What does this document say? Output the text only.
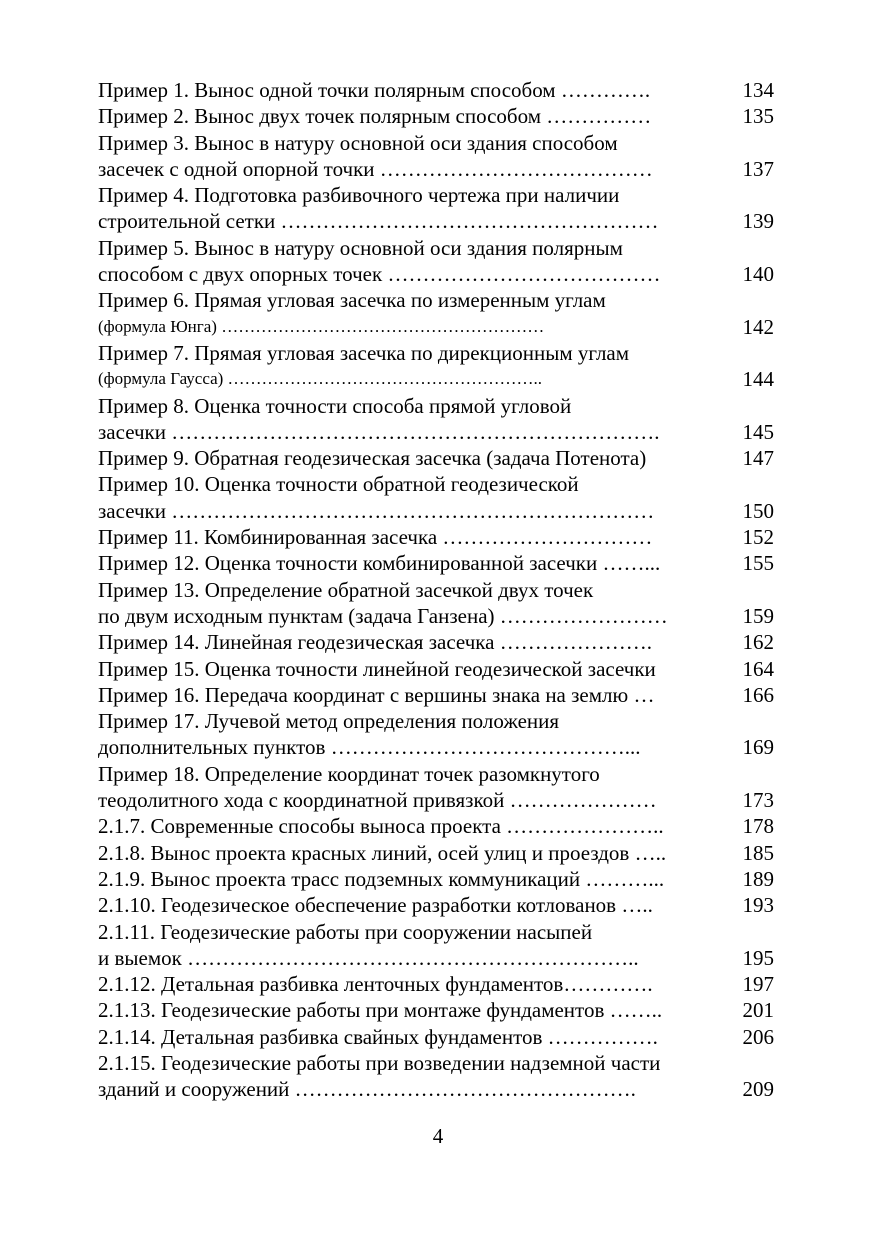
Пример 1. Вынос одной точки полярным способом ………….	134
Пример 2. Вынос двух точек полярным способом ……………	135
Пример 3. Вынос в натуру основной оси здания способом
засечек с одной опорной точки …………………………………	137
Пример 4. Подготовка разбивочного чертежа при наличии
строительной сетки ………………………………………………	139
Пример 5. Вынос в натуру основной оси здания полярным
способом с двух опорных точек …………………………………	140
Пример 6. Прямая угловая засечка по измеренным углам
(формула Юнга) …………………………………………………	142
Пример 7. Прямая угловая засечка по дирекционным углам
(формула Гаусса) ………………………………………………..	144
Пример 8. Оценка точности способа прямой угловой
засечки …………………………………………………………….	145
Пример 9. Обратная геодезическая засечка (задача Потенота)	147
Пример 10. Оценка точности обратной геодезической
засечки ……………………………………………………………	150
Пример 11. Комбинированная засечка …………………………	152
Пример 12. Оценка точности комбинированной засечки ……...	155
Пример 13. Определение обратной засечкой двух точек
по двум исходным пунктам (задача Ганзена) ……………………	159
Пример 14. Линейная геодезическая засечка ………………….	162
Пример 15. Оценка точности линейной геодезической засечки	164
Пример 16. Передача координат с вершины знака на землю …	166
Пример 17. Лучевой метод определения положения
дополнительных пунктов ……………………………………...	169
Пример 18. Определение координат точек разомкнутого
теодолитного хода с координатной привязкой …………………	173
2.1.7. Современные способы выноса проекта …………………..	178
2.1.8. Вынос проекта красных линий, осей улиц и проездов …..	185
2.1.9. Вынос проекта трасс подземных коммуникаций ………...	189
2.1.10. Геодезическое обеспечение разработки котлованов …..	193
2.1.11. Геодезические работы при сооружении насыпей
и выемок ………………………………………………………..	195
2.1.12. Детальная разбивка ленточных фундаментов………….	197
2.1.13. Геодезические работы при монтаже фундаментов ……..	201
2.1.14. Детальная разбивка свайных фундаментов …………….	206
2.1.15. Геодезические работы при возведении надземной части
зданий и сооружений ………………………………………….	209
4
